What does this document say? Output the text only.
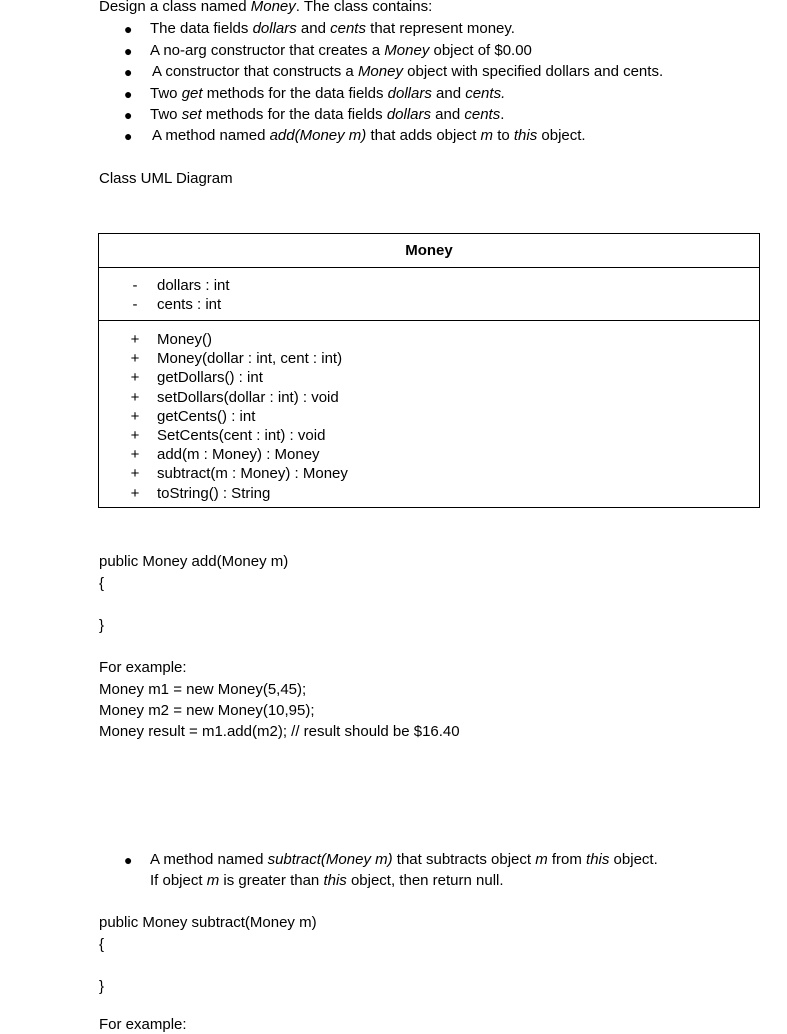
Design a class named Money. The class contains:
● The data fields dollars and cents that represent money.
● A no-arg constructor that creates a Money object of $0.00
● A constructor that constructs a Money object with specified dollars and cents.
● Two get methods for the data fields dollars and cents.
● Two set methods for the data fields dollars and cents.
● A method named add(Money m) that adds object m to this object.
Class UML Diagram
Money
- dollars : int
- cents : int
+ Money()
+ Money(dollar : int, cent : int)
+ getDollars() : int
+ setDollars(dollar : int) : void
+ getCents() : int
+ SetCents(cent : int) : void
+ add(m : Money) : Money
+ subtract(m : Money) : Money
+ toString() : String
public Money add(Money m)
{
}
For example:
Money m1 = new Money(5,45);
Money m2 = new Money(10,95);
Money result = m1.add(m2); // result should be $16.40
● A method named subtract(Money m) that subtracts object m from this object.
If object m is greater than this object, then return null.
public Money subtract(Money m)
{
}
For example:
